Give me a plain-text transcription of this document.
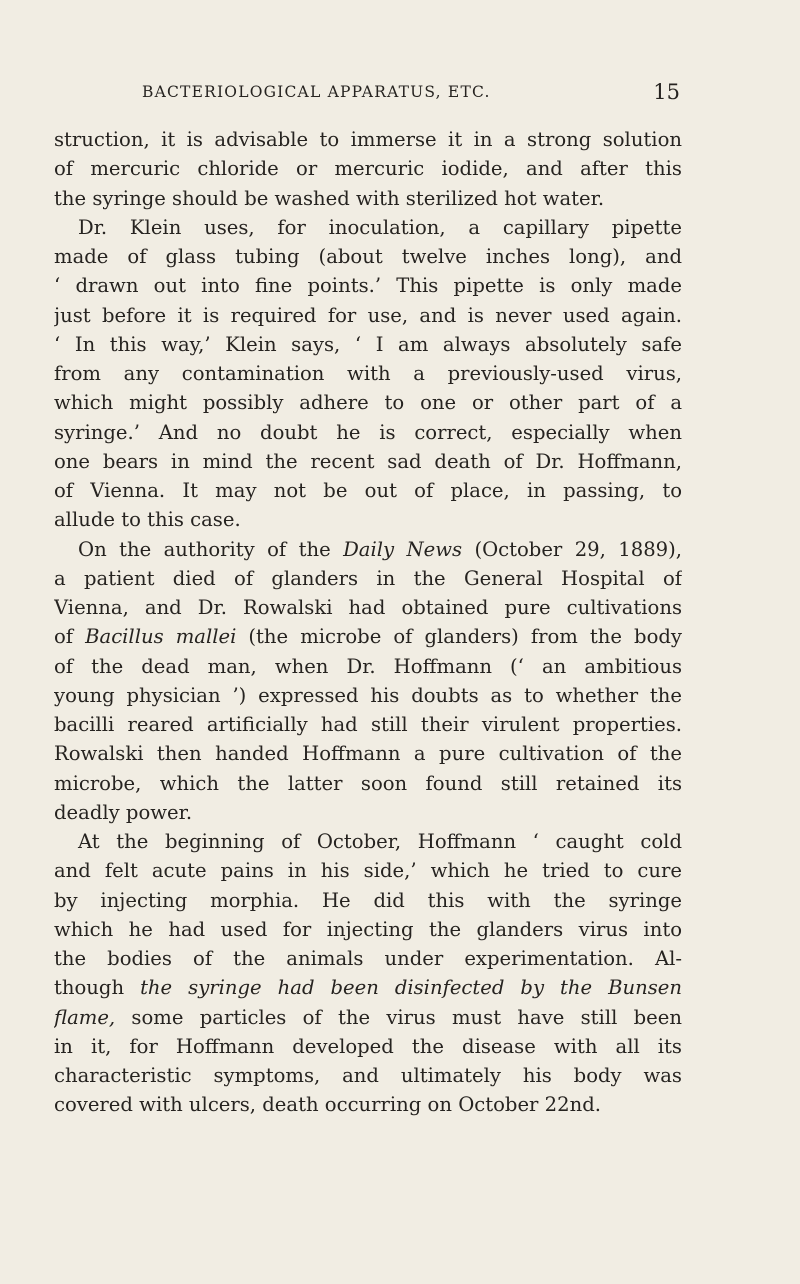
BACTERIOLOGICAL APPARATUS, ETC.	15
struction, it is advisable to immerse it in a strong solution
of mercuric chloride or mercuric iodide, and after this
the syringe should be washed with sterilized hot water.
Dr. Klein uses, for inoculation, a capillary pipette
made of glass tubing (about twelve inches long), and
‘ drawn out into fine points.’ This pipette is only made
just before it is required for use, and is never used again.
‘ In this way,’ Klein says, ‘ I am always absolutely safe
from any contamination with a previously-used virus,
which might possibly adhere to one or other part of a
syringe.’ And no doubt he is correct, especially when
one bears in mind the recent sad death of Dr. Hoffmann,
of Vienna. It may not be out of place, in passing, to
allude to this case.
On the authority of the Daily News (October 29, 1889),
a patient died of glanders in the General Hospital of
Vienna, and Dr. Rowalski had obtained pure cultivations
of Bacillus mallei (the microbe of glanders) from the body
of the dead man, when Dr. Hoffmann (‘ an ambitious
young physician ’) expressed his doubts as to whether the
bacilli reared artificially had still their virulent properties.
Rowalski then handed Hoffmann a pure cultivation of the
microbe, which the latter soon found still retained its
deadly power.
At the beginning of October, Hoffmann ‘ caught cold
and felt acute pains in his side,’ which he tried to cure
by injecting morphia. He did this with the syringe
which he had used for injecting the glanders virus into
the bodies of the animals under experimentation. Al-
though the syringe had been disinfected by the Bunsen
flame, some particles of the virus must have still been
in it, for Hoffmann developed the disease with all its
characteristic symptoms, and ultimately his body was
covered with ulcers, death occurring on October 22nd.
